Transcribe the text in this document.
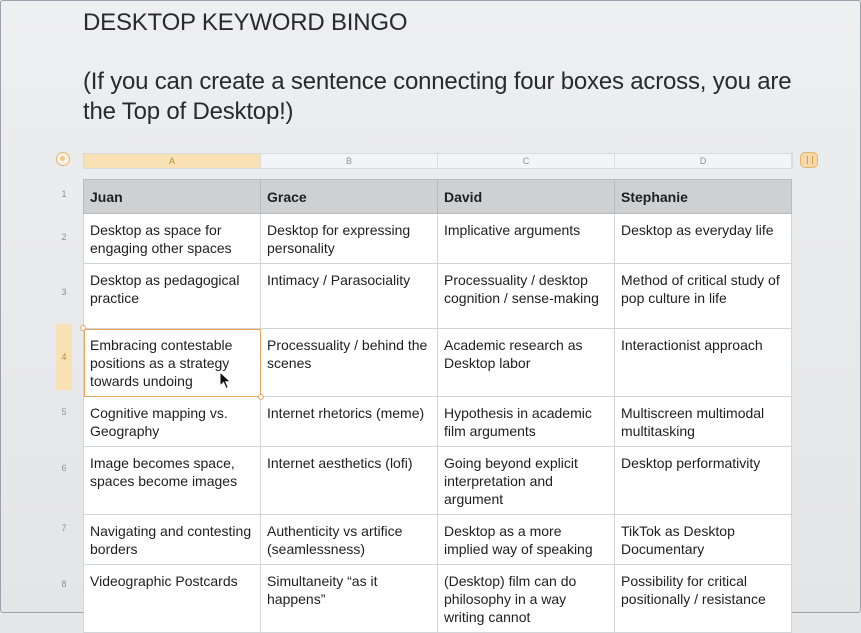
DESKTOP KEYWORD BINGO
(If you can create a sentence connecting four boxes across, you are the Top of Desktop!)
A	B	C	D
1
2
3
4
5
6
7
8
Juan	Grace	David	Stephanie
Desktop as space for engaging other spaces	Desktop for expressing personality	Implicative arguments	Desktop as everyday life
Desktop as pedagogical practice	Intimacy / Parasociality	Processuality / desktop cognition / sense-making	Method of critical study of pop culture in life
Embracing contestable positions as a strategy towards undoing	Processuality / behind the scenes	Academic research as Desktop labor	Interactionist approach
Cognitive mapping vs. Geography	Internet rhetorics (meme)	Hypothesis in academic film arguments	Multiscreen multimodal multitasking
Image becomes space, spaces become images	Internet aesthetics (lofi)	Going beyond explicit interpretation and argument	Desktop performativity
Navigating and contesting borders	Authenticity vs artifice (seamlessness)	Desktop as a more implied way of speaking	TikTok as Desktop Documentary
Videographic Postcards	Simultaneity “as it happens”	(Desktop) film can do philosophy in a way writing cannot	Possibility for critical positionally / resistance
